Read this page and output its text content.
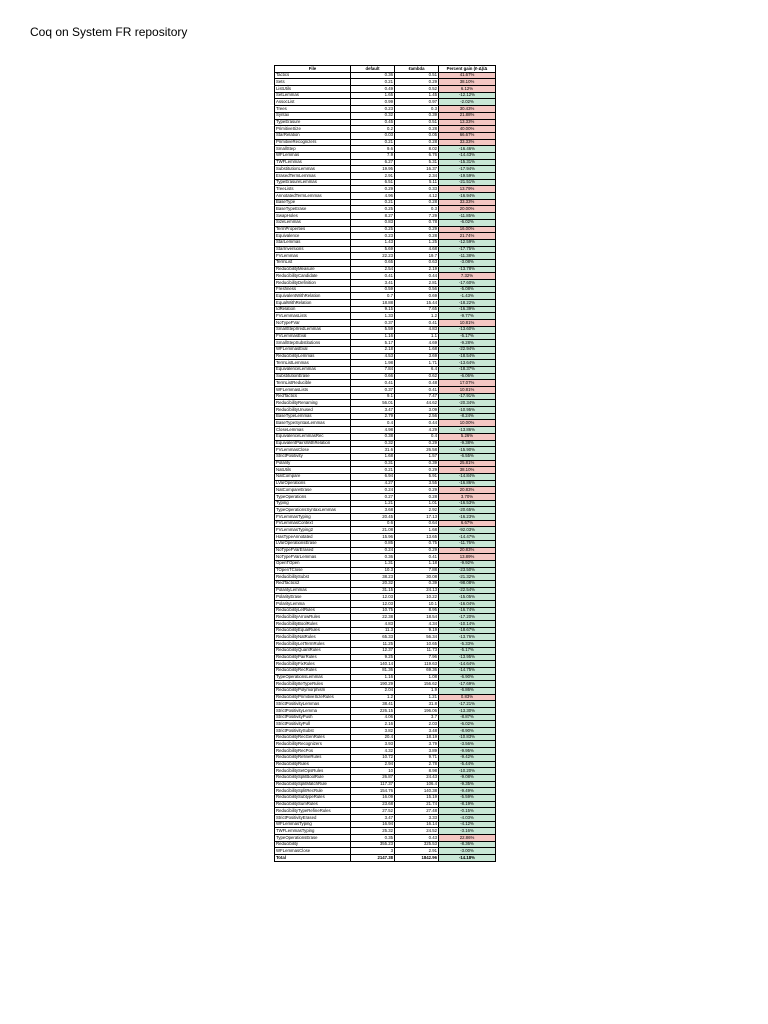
Coq on System FR repository
File	default	ℓambda	Percent gain (ℓ-Δ)/Δ
Tactics	0.36	0.51	41.67%
Sets	0.21	0.29	38.10%
ListUtils	0.49	0.52	6.12%
SetLemmas	1.65	1.45	-12.12%
AssocList	0.99	0.97	-2.02%
Trees	0.23	0.3	30.43%
Syntax	0.32	0.39	21.88%
TypeErasure	0.45	0.51	13.33%
PrimitiveSize	0.2	0.28	40.00%
StarRelation	0.03	0.05	66.67%
PrimitiveRecognizers	0.21	0.28	33.33%
SmallStep	9.6	8.02	-16.46%
WFLemmas	7.9	6.76	-14.43%
TWFLemmas	6.27	5.31	-15.31%
SubstitutionLemmas	19.95	16.37	-17.94%
ErasedTermLemmas	2.91	2.34	-19.59%
TypeErasureLemmas	6.51	5.11	-21.51%
TreeLists	0.29	0.33	13.79%
AnnotatedTermLemmas	4.96	4.12	-16.94%
BaseType	0.21	0.28	33.33%
BaseTypeErase	0.25	0.3	20.00%
SwapHoles	8.27	7.29	-11.85%
SizeLemmas	0.83	0.78	-6.02%
TermProperties	0.25	0.29	16.00%
Equivalence	0.23	0.28	21.74%
StarLemmas	1.43	1.25	-12.59%
StarInversions	5.69	4.68	-17.75%
FVLemmas	22.23	19.7	-11.38%
TermList	0.65	0.63	-3.08%
ReducibilityMeasure	2.54	2.19	-13.78%
ReducibilityCandidate	0.41	0.44	7.32%
ReducibilityDefinition	3.41	2.81	-17.60%
Freshness	0.59	0.56	-5.08%
EquivalentWithRelation	0.7	0.69	-1.43%
EqualWithRelation	18.88	15.44	-18.22%
IdRelation	9.15	7.65	-16.39%
FVLemmasLists	1.33	1.2	-9.77%
NoTypeFVar	0.37	0.41	10.81%
SmallStepIrredLemmas	5.59	4.83	-13.60%
FVLemmasEval	1.16	1.1	-5.17%
SmallStepSubstitutions	5.17	4.69	-9.28%
WFLemmasEval	2.18	1.68	-22.94%
ReducibilityLemmas	4.53	3.69	-18.54%
TermListLemmas	1.98	1.71	-13.64%
EquivalenceLemmas	7.84	6.4	-18.37%
SubstitutionErase	0.66	0.62	-6.06%
TermListReducible	0.41	0.48	17.07%
WFLemmasLists	0.37	0.41	10.81%
RedTactics	9.1	7.47	-17.91%
ReducibilityRenaming	56.01	44.62	-20.34%
ReducibilityUnused	3.47	3.09	-10.95%
BaseTypeLemmas	2.79	2.56	-8.24%
BaseTypeSyntaxLemmas	0.4	0.44	10.00%
CloseLemmas	4.98	4.29	-13.86%
EquivalenceLemmasRec	0.38	0.4	5.26%
EquivalentPairsWithRelation	0.32	0.29	-9.38%
FVLemmasClose	31.6	26.58	-15.90%
StrictPositivity	1.68	1.57	-6.55%
Polarity	0.31	0.39	25.81%
NatUtils	0.21	0.29	38.10%
NatCompare	6.94	5.91	-14.84%
LVarOperations	4.27	3.55	-16.86%
NatCompareErase	0.24	0.29	20.83%
TypeOperations	0.27	0.28	3.70%
Typing	1.21	1.01	-16.53%
TypeOperationsSyntaxLemmas	3.68	2.92	-20.65%
FVLemmasTyping	20.45	17.13	-16.23%
FVLemmasContext	0.6	0.64	6.67%
FVLemmasTyping2	21.08	1.68	-92.03%
HasTypeAnnotated	15.96	13.65	-14.47%
LVarOperationsErase	0.85	0.75	-11.76%
NoTypeFVarErased	0.24	0.29	20.83%
NoTypeFVarLemmas	0.36	0.41	13.89%
OpenTOpen	1.31	1.18	-9.92%
TOpenTClose	10.3	7.88	-23.50%
ReducibilitySubst	38.23	30.08	-21.32%
RedTactics2	20.32	0.39	-98.08%
PolarityLemmas	31.15	24.13	-22.54%
PolarityErase	12.03	10.22	-15.05%
PolarityLemma	12.03	10.1	-16.04%
ReducibilityLetRules	10.75	8.95	-16.74%
ReducibilityArrowRules	22.38	18.54	-17.20%
ReducibilityBoolRules	4.83	4.34	-10.14%
ReducibilityEqualRules	11.3	9.19	-18.67%
ReducibilityNatRules	65.33	56.34	-13.76%
ReducibilityLetTermRules	11.25	10.65	-5.33%
ReducibilityQuantRules	12.37	11.73	-5.17%
ReducibilityPairRules	9.25	7.96	-13.95%
ReducibilityFixRules	140.14	119.63	-14.64%
ReducibilityRecRules	81.36	69.36	-14.75%
TypeOperationsLemmas	1.16	1.08	-6.90%
ReducibilityIteTypeRules	190.29	156.62	-17.69%
ReducibilityPolymorphism	2.04	1.9	-6.86%
ReducibilityPrimitiveSizeRules	1.2	1.21	0.83%
StrictPositivityLemmas	38.41	31.8	-17.21%
StrictPositivityLemma	226.15	196.06	-13.30%
StrictPositivityPush	4.06	3.7	-8.87%
StrictPositivityPull	2.16	2.03	-6.02%
StrictPositivitySubst	3.82	3.48	-8.90%
ReducibilityRecGenRules	20.4	18.19	-10.83%
ReducibilityRecognizers	3.93	3.79	-3.56%
ReducibilityRecPos	4.32	3.89	-9.95%
ReducibilityRefineRules	10.72	9.71	-9.42%
ReducibilityRules	2.94	2.78	-5.44%
ReducibilitySetOpsRules	10	8.98	-10.20%
ReducibilitySplitBoolRule	26.87	24.43	-9.08%
ReducibilitySplitMatchRule	117.37	106.4	-9.35%
ReducibilitySplitRecRule	154.76	140.38	-9.49%
ReducibilitySubtypeRules	16.09	15.19	-5.59%
ReducibilitySumRules	23.68	21.74	-8.19%
ReducibilityTypeRefineRules	27.52	27.48	-0.15%
StrictPositivityErased	3.47	3.33	-4.03%
WFLemmasTyping	16.94	16.14	-4.12%
TWFLemmasTyping	25.32	24.52	-3.16%
TypeOperationsErase	0.35	0.43	22.86%
Reducibility	355.23	325.53	-8.36%
WFLemmasClose	3	2.91	-3.00%
Total	2147.38	1842.96	-14.18%
